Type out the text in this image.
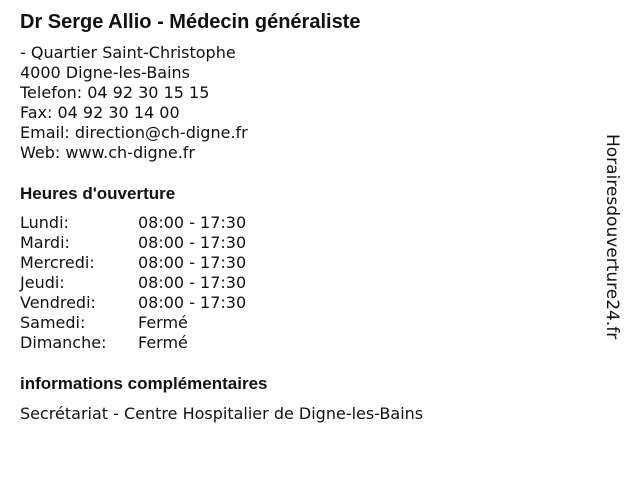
Dr Serge Allio - Médecin généraliste
- Quartier Saint-Christophe
4000 Digne-les-Bains
Telefon: 04 92 30 15 15
Fax: 04 92 30 14 00
Email: direction@ch-digne.fr
Web: www.ch-digne.fr
Heures d'ouverture
Lundi:	08:00 - 17:30
Mardi:	08:00 - 17:30
Mercredi:	08:00 - 17:30
Jeudi:	08:00 - 17:30
Vendredi:	08:00 - 17:30
Samedi:	Fermé
Dimanche:	Fermé
informations complémentaires
Secrétariat - Centre Hospitalier de Digne-les-Bains
Horairesdouverture24.fr
